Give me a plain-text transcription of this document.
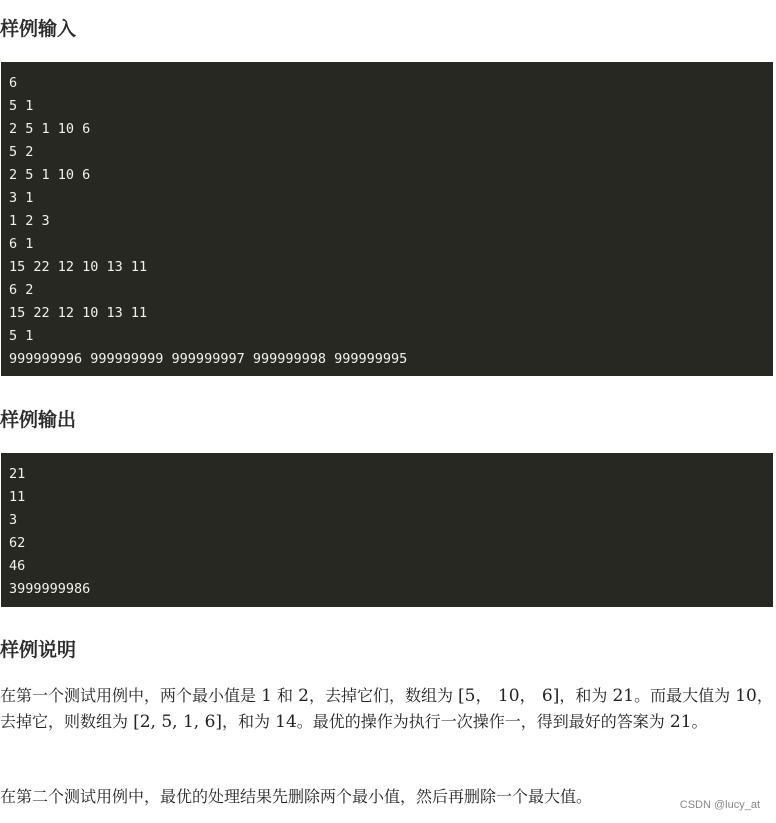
样例输入
6
5 1
2 5 1 10 6
5 2
2 5 1 10 6
3 1
1 2 3
6 1
15 22 12 10 13 11
6 2
15 22 12 10 13 11
5 1
999999996 999999999 999999997 999999998 999999995
样例输出
21
11
3
62
46
3999999986
样例说明

在第一个测试用例中，两个最小值是 1 和 2，去掉它们，数组为 [5， 10， 6]，和为 21。而最大值为 10，去掉它，则数组为 [2, 5, 1, 6]，和为 14。最优的操作为执行一次操作一，得到最好的答案为 21。

在第二个测试用例中，最优的处理结果先删除两个最小值，然后再删除一个最大值。	CSDN @lucy_at
